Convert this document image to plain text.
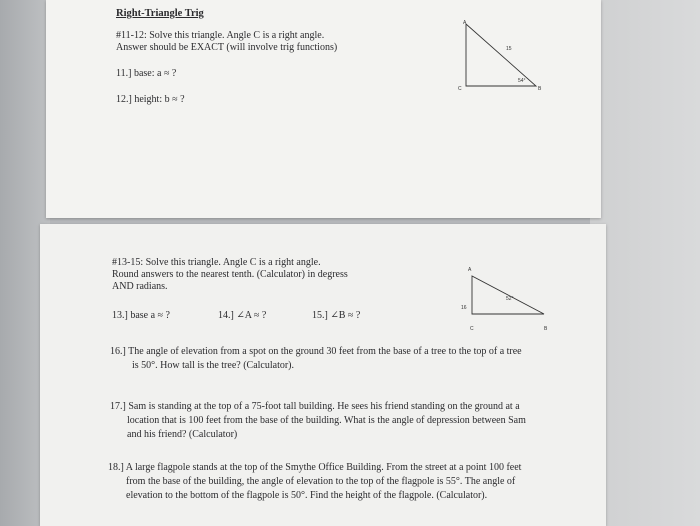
Right-Triangle Trig
#11-12: Solve this triangle. Angle C is a right angle.
Answer should be EXACT (will involve trig functions)
11.] base: a ≈ ?
12.] height: b ≈ ?
A
C	B
15
54°
#13-15: Solve this triangle. Angle C is a right angle.
Round answers to the nearest tenth. (Calculator) in degress
AND radians.
13.] base a ≈ ?	14.] ∠A ≈ ?	15.] ∠B ≈ ?
A
C	B
16
52°
16.] The angle of elevation from a spot on the ground 30 feet from the base of a tree to the top of a tree
is 50°. How tall is the tree? (Calculator).
17.] Sam is standing at the top of a 75-foot tall building. He sees his friend standing on the ground at a
location that is 100 feet from the base of the building. What is the angle of depression between Sam
and his friend? (Calculator)
18.] A large flagpole stands at the top of the Smythe Office Building. From the street at a point 100 feet
from the base of the building, the angle of elevation to the top of the flagpole is 55°. The angle of
elevation to the bottom of the flagpole is 50°. Find the height of the flagpole. (Calculator).
